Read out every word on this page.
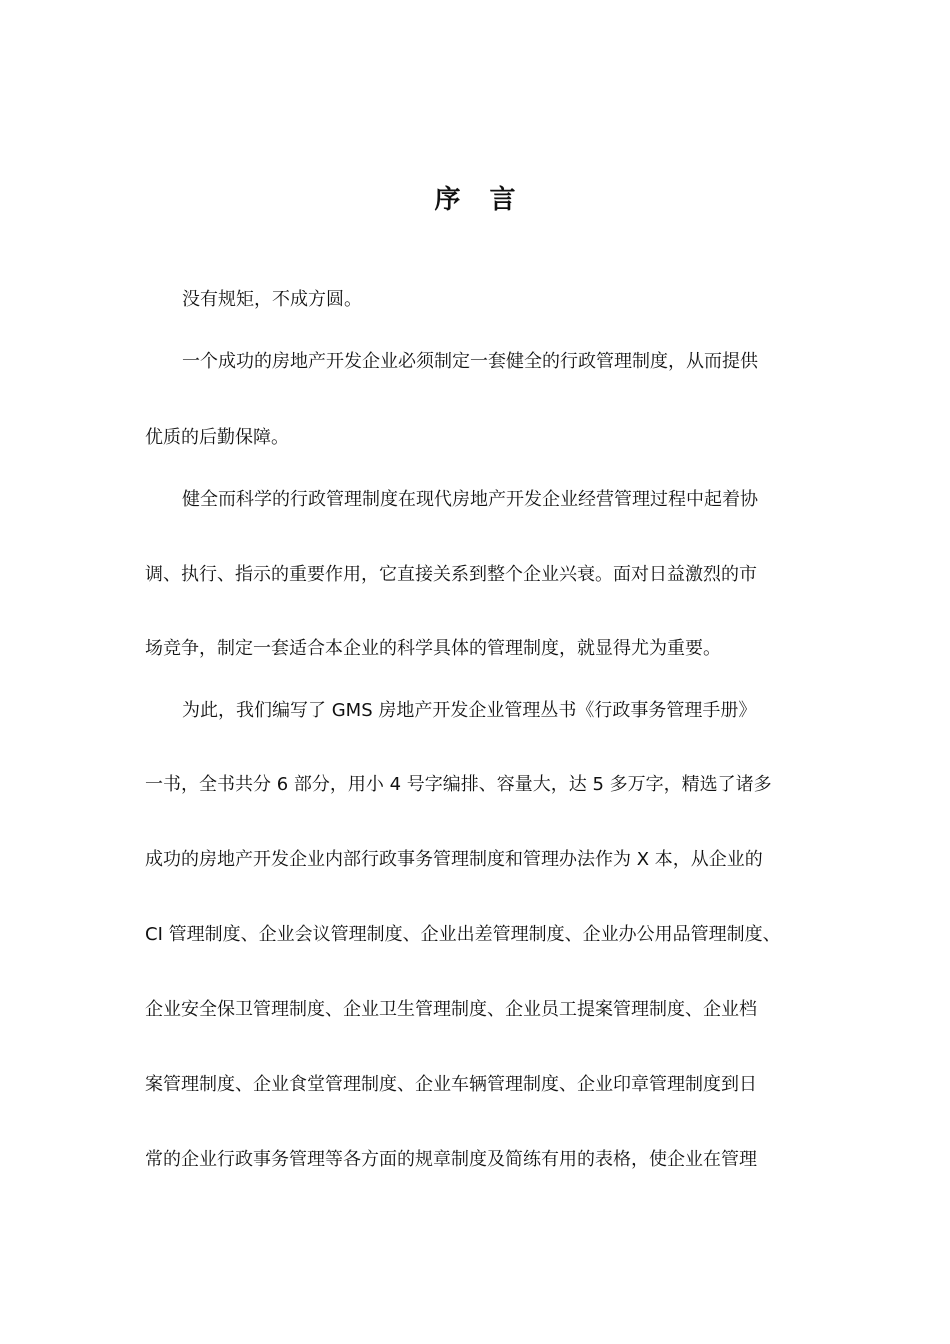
序 言
没有规矩，不成方圆。
一个成功的房地产开发企业必须制定一套健全的行政管理制度，从而提供
优质的后勤保障。
健全而科学的行政管理制度在现代房地产开发企业经营管理过程中起着协
调、执行、指示的重要作用，它直接关系到整个企业兴衰。面对日益激烈的市
场竞争，制定一套适合本企业的科学具体的管理制度，就显得尤为重要。
为此，我们编写了 GMS 房地产开发企业管理丛书《行政事务管理手册》
一书，全书共分 6 部分，用小 4 号字编排、容量大，达 5 多万字，精选了诸多
成功的房地产开发企业内部行政事务管理制度和管理办法作为 X 本，从企业的
CI 管理制度、企业会议管理制度、企业出差管理制度、企业办公用品管理制度、
企业安全保卫管理制度、企业卫生管理制度、企业员工提案管理制度、企业档
案管理制度、企业食堂管理制度、企业车辆管理制度、企业印章管理制度到日
常的企业行政事务管理等各方面的规章制度及简练有用的表格，使企业在管理
